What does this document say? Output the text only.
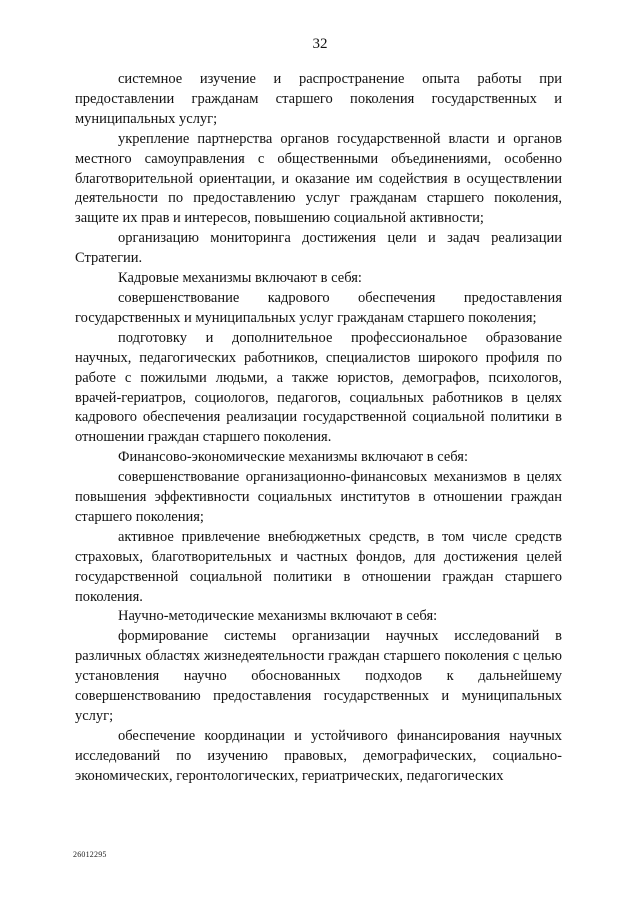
32

системное изучение и распространение опыта работы при предоставлении гражданам старшего поколения государственных и муниципальных услуг;

укрепление партнерства органов государственной власти и органов местного самоуправления с общественными объединениями, особенно благотворительной ориентации, и оказание им содействия в осуществлении деятельности по предоставлению услуг гражданам старшего поколения, защите их прав и интересов, повышению социальной активности;

организацию мониторинга достижения цели и задач реализации Стратегии.

Кадровые механизмы включают в себя:

совершенствование кадрового обеспечения предоставления государственных и муниципальных услуг гражданам старшего поколения;

подготовку и дополнительное профессиональное образование научных, педагогических работников, специалистов широкого профиля по работе с пожилыми людьми, а также юристов, демографов, психологов, врачей-гериатров, социологов, педагогов, социальных работников в целях кадрового обеспечения реализации государственной социальной политики в отношении граждан старшего поколения.

Финансово-экономические механизмы включают в себя:

совершенствование организационно-финансовых механизмов в целях повышения эффективности социальных институтов в отношении граждан старшего поколения;

активное привлечение внебюджетных средств, в том числе средств страховых, благотворительных и частных фондов, для достижения целей государственной социальной политики в отношении граждан старшего поколения.

Научно-методические механизмы включают в себя:

формирование системы организации научных исследований в различных областях жизнедеятельности граждан старшего поколения с целью установления научно обоснованных подходов к дальнейшему совершенствованию предоставления государственных и муниципальных услуг;

обеспечение координации и устойчивого финансирования научных исследований по изучению правовых, демографических, социально-экономических, геронтологических, гериатрических, педагогических

26012295
